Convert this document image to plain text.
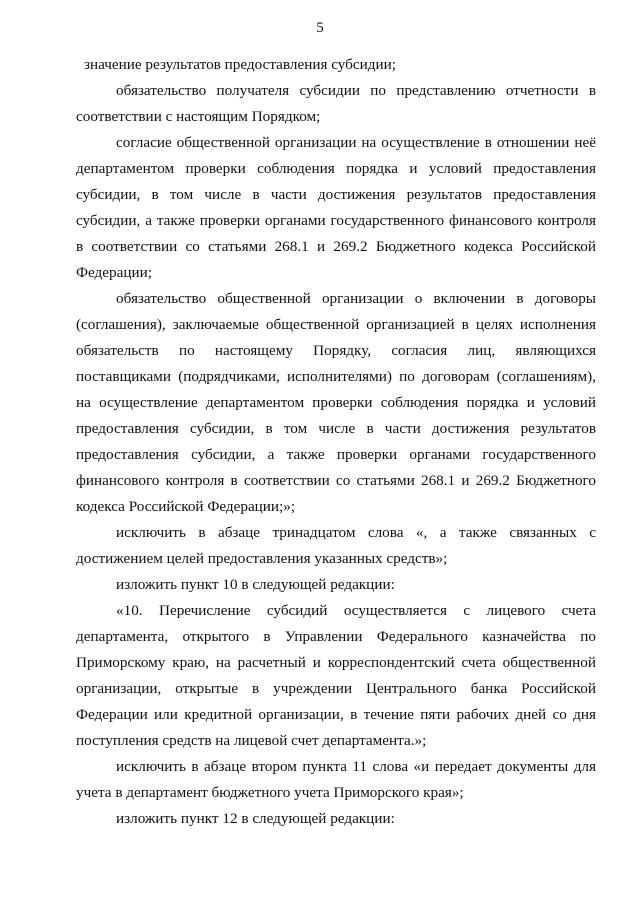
5

значение результатов предоставления субсидии;

обязательство получателя субсидии по представлению отчетности в соответствии с настоящим Порядком;

согласие общественной организации на осуществление в отношении неё департаментом проверки соблюдения порядка и условий предоставления субсидии, в том числе в части достижения результатов предоставления субсидии, а также проверки органами государственного финансового контроля в соответствии со статьями 268.1 и 269.2 Бюджетного кодекса Российской Федерации;

обязательство общественной организации о включении в договоры (соглашения), заключаемые общественной организацией в целях исполнения обязательств по настоящему Порядку, согласия лиц, являющихся поставщиками (подрядчиками, исполнителями) по договорам (соглашениям), на осуществление департаментом проверки соблюдения порядка и условий предоставления субсидии, в том числе в части достижения результатов предоставления субсидии, а также проверки органами государственного финансового контроля в соответствии со статьями 268.1 и 269.2 Бюджетного кодекса Российской Федерации;»;

исключить в абзаце тринадцатом слова «, а также связанных с достижением целей предоставления указанных средств»;

изложить пункт 10 в следующей редакции:

«10. Перечисление субсидий осуществляется с лицевого счета департамента, открытого в Управлении Федерального казначейства по Приморскому краю, на расчетный и корреспондентский счета общественной организации, открытые в учреждении Центрального банка Российской Федерации или кредитной организации, в течение пяти рабочих дней со дня поступления средств на лицевой счет департамента.»;

исключить в абзаце втором пункта 11 слова «и передает документы для учета в департамент бюджетного учета Приморского края»;

изложить пункт 12 в следующей редакции:
